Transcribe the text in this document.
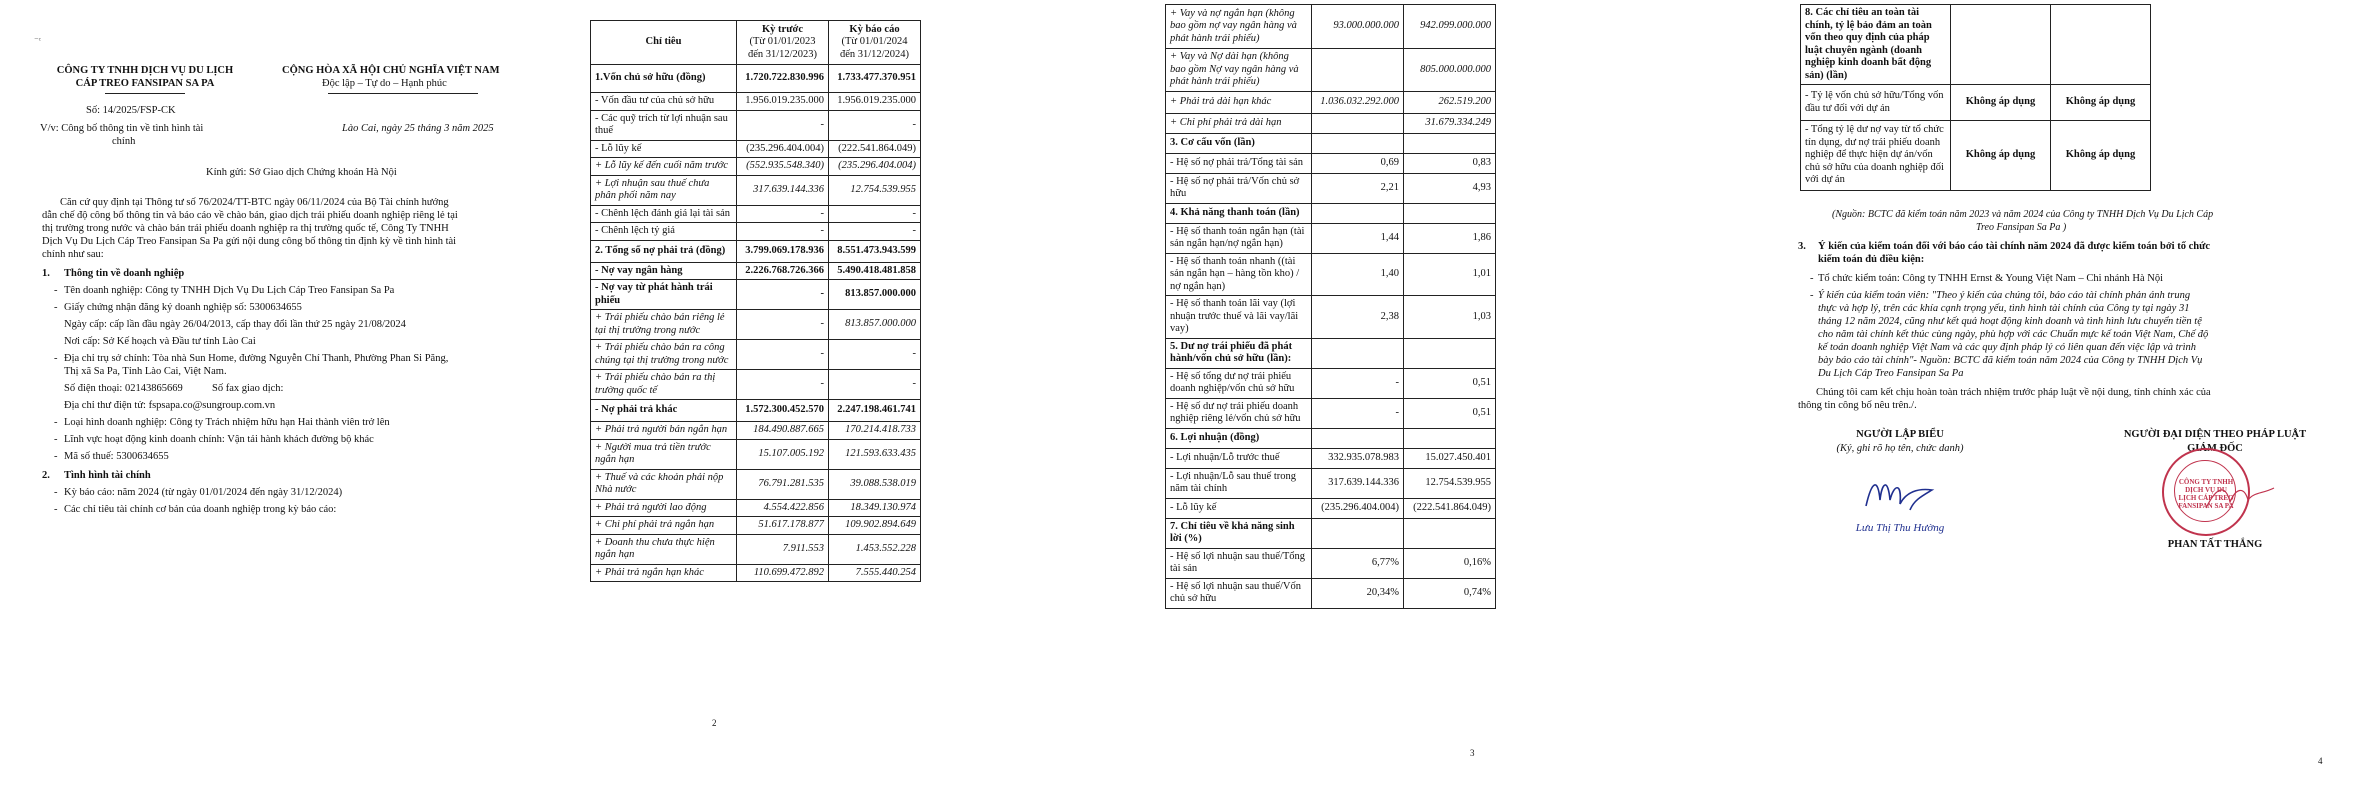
⁻ᶜ
CÔNG TY TNHH DỊCH VỤ DU LỊCH
CÁP TREO FANSIPAN SA PA
CỘNG HÒA XÃ HỘI CHỦ NGHĨA VIỆT NAM
Độc lập – Tự do – Hạnh phúc
Số: 14/2025/FSP-CK
V/v: Công bố thông tin về tình hình tài
chính
Lào Cai, ngày 25 tháng 3 năm 2025
Kính gửi: Sở Giao dịch Chứng khoán Hà Nội
Căn cứ quy định tại Thông tư số 76/2024/TT-BTC ngày 06/11/2024 của Bộ Tài chính hướng
dẫn chế độ công bố thông tin và báo cáo về chào bán, giao dịch trái phiếu doanh nghiệp riêng lẻ tại
thị trường trong nước và chào bán trái phiếu doanh nghiệp ra thị trường quốc tế, Công Ty TNHH
Dịch Vụ Du Lịch Cáp Treo Fansipan Sa Pa gửi nội dung công bố thông tin định kỳ về tình hình tài
chính như sau:
1. Thông tin về doanh nghiệp
- Tên doanh nghiệp: Công ty TNHH Dịch Vụ Du Lịch Cáp Treo Fansipan Sa Pa
- Giấy chứng nhận đăng ký doanh nghiệp số: 5300634655
Ngày cấp: cấp lần đầu ngày 26/04/2013, cấp thay đổi lần thứ 25 ngày 21/08/2024
Nơi cấp: Sở Kế hoạch và Đầu tư tỉnh Lào Cai
- Địa chỉ trụ sở chính: Tòa nhà Sun Home, đường Nguyễn Chí Thanh, Phường Phan Si Păng,
Thị xã Sa Pa, Tỉnh Lào Cai, Việt Nam.
Số điện thoại: 02143865669	Số fax giao dịch:
Địa chỉ thư điện tử: fspsapa.co@sungroup.com.vn
- Loại hình doanh nghiệp: Công ty Trách nhiệm hữu hạn Hai thành viên trở lên
- Lĩnh vực hoạt động kinh doanh chính: Vận tải hành khách đường bộ khác
- Mã số thuế: 5300634655
2. Tình hình tài chính
- Kỳ báo cáo: năm 2024 (từ ngày 01/01/2024 đến ngày 31/12/2024)
- Các chỉ tiêu tài chính cơ bản của doanh nghiệp trong kỳ báo cáo:
Chỉ tiêu	Kỳ trước
(Từ 01/01/2023 đến 31/12/2023)	Kỳ báo cáo
(Từ 01/01/2024 đến 31/12/2024)
1.Vốn chủ sở hữu (đồng)	1.720.722.830.996	1.733.477.370.951
- Vốn đầu tư của chủ sở hữu	1.956.019.235.000	1.956.019.235.000
- Các quỹ trích từ lợi nhuận sau thuế	-	-
- Lỗ lũy kế	(235.296.404.004)	(222.541.864.049)
+ Lỗ lũy kế đến cuối năm trước	(552.935.548.340)	(235.296.404.004)
+ Lợi nhuận sau thuế chưa phân phối năm nay	317.639.144.336	12.754.539.955
- Chênh lệch đánh giá lại tài sản	-	-
- Chênh lệch tỷ giá	-	-
2. Tổng số nợ phải trả (đồng)	3.799.069.178.936	8.551.473.943.599
- Nợ vay ngân hàng	2.226.768.726.366	5.490.418.481.858
- Nợ vay từ phát hành trái phiếu	-	813.857.000.000
+ Trái phiếu chào bán riêng lẻ tại thị trường trong nước	-	813.857.000.000
+ Trái phiếu chào bán ra công chúng tại thị trường trong nước	-	-
+ Trái phiếu chào bán ra thị trường quốc tế	-	-
- Nợ phải trả khác	1.572.300.452.570	2.247.198.461.741
+ Phải trả người bán ngắn hạn	184.490.887.665	170.214.418.733
+ Người mua trả tiền trước ngắn hạn	15.107.005.192	121.593.633.435
+ Thuế và các khoản phải nộp Nhà nước	76.791.281.535	39.088.538.019
+ Phải trả người lao động	4.554.422.856	18.349.130.974
+ Chi phí phải trả ngắn hạn	51.617.178.877	109.902.894.649
+ Doanh thu chưa thực hiện ngắn hạn	7.911.553	1.453.552.228
+ Phải trả ngắn hạn khác	110.699.472.892	7.555.440.254
2
+ Vay và nợ ngắn hạn (không bao gồm nợ vay ngân hàng và phát hành trái phiếu)	93.000.000.000	942.099.000.000
+ Vay và Nợ dài hạn (không bao gồm Nợ vay ngân hàng và phát hành trái phiếu)		805.000.000.000
+ Phải trả dài hạn khác	1.036.032.292.000	262.519.200
+ Chi phí phải trả dài hạn		31.679.334.249
3. Cơ cấu vốn (lần)		
- Hệ số nợ phải trả/Tổng tài sản	0,69	0,83
- Hệ số nợ phải trả/Vốn chủ sở hữu	2,21	4,93
4. Khả năng thanh toán (lần)		
- Hệ số thanh toán ngắn hạn (tài sản ngắn hạn/nợ ngắn hạn)	1,44	1,86
- Hệ số thanh toán nhanh ((tài sản ngắn hạn – hàng tồn kho) / nợ ngắn hạn)	1,40	1,01
- Hệ số thanh toán lãi vay (lợi nhuận trước thuế và lãi vay/lãi vay)	2,38	1,03
5. Dư nợ trái phiếu đã phát hành/vốn chủ sở hữu (lần):		
- Hệ số tổng dư nợ trái phiếu doanh nghiệp/vốn chủ sở hữu	-	0,51
- Hệ số dư nợ trái phiếu doanh nghiệp riêng lẻ/vốn chủ sở hữu	-	0,51
6. Lợi nhuận (đồng)		
- Lợi nhuận/Lỗ trước thuế	332.935.078.983	15.027.450.401
- Lợi nhuận/Lỗ sau thuế trong năm tài chính	317.639.144.336	12.754.539.955
- Lỗ lũy kế	(235.296.404.004)	(222.541.864.049)
7. Chỉ tiêu về khả năng sinh lời (%)		
- Hệ số lợi nhuận sau thuế/Tổng tài sản	6,77%	0,16%
- Hệ số lợi nhuận sau thuế/Vốn chủ sở hữu	20,34%	0,74%
3
8. Các chỉ tiêu an toàn tài chính, tỷ lệ bảo đảm an toàn vốn theo quy định của pháp luật chuyên ngành (doanh nghiệp kinh doanh bất động sản) (lần)		
- Tỷ lệ vốn chủ sở hữu/Tổng vốn đầu tư đối với dự án	Không áp dụng	Không áp dụng
- Tổng tỷ lệ dư nợ vay từ tổ chức tín dụng, dư nợ trái phiếu doanh nghiệp để thực hiện dự án/vốn chủ sở hữu của doanh nghiệp đối với dự án	Không áp dụng	Không áp dụng
(Nguồn: BCTC đã kiểm toán năm 2023 và năm 2024 của Công ty TNHH Dịch Vụ Du Lịch Cáp
Treo Fansipan Sa Pa )
3. Ý kiến của kiểm toán đối với báo cáo tài chính năm 2024 đã được kiểm toán bởi tổ chức
kiểm toán đủ điều kiện:
- Tổ chức kiểm toán: Công ty TNHH Ernst & Young Việt Nam – Chi nhánh Hà Nội
- Ý kiến của kiểm toán viên: "Theo ý kiến của chúng tôi, báo cáo tài chính phản ánh trung
thực và hợp lý, trên các khía cạnh trọng yếu, tình hình tài chính của Công ty tại ngày 31
tháng 12 năm 2024, cũng như kết quả hoạt động kinh doanh và tình hình lưu chuyển tiền tệ
cho năm tài chính kết thúc cùng ngày, phù hợp với các Chuẩn mực kế toán Việt Nam, Chế độ
kế toán doanh nghiệp Việt Nam và các quy định pháp lý có liên quan đến việc lập và trình
bày báo cáo tài chính"- Nguồn: BCTC đã kiểm toán năm 2024 của Công ty TNHH Dịch Vụ
Du Lịch Cáp Treo Fansipan Sa Pa
Chúng tôi cam kết chịu hoàn toàn trách nhiệm trước pháp luật về nội dung, tính chính xác của
thông tin công bố nêu trên./.
NGƯỜI LẬP BIỂU
(Ký, ghi rõ họ tên, chức danh)
Lưu Thị Thu Hường
NGƯỜI ĐẠI DIỆN THEO PHÁP LUẬT
GIÁM ĐỐC
CÔNG TY TNHH DỊCH VỤ DU LỊCH CÁP TREO FANSIPAN SA PA
PHAN TẤT THẮNG
4
